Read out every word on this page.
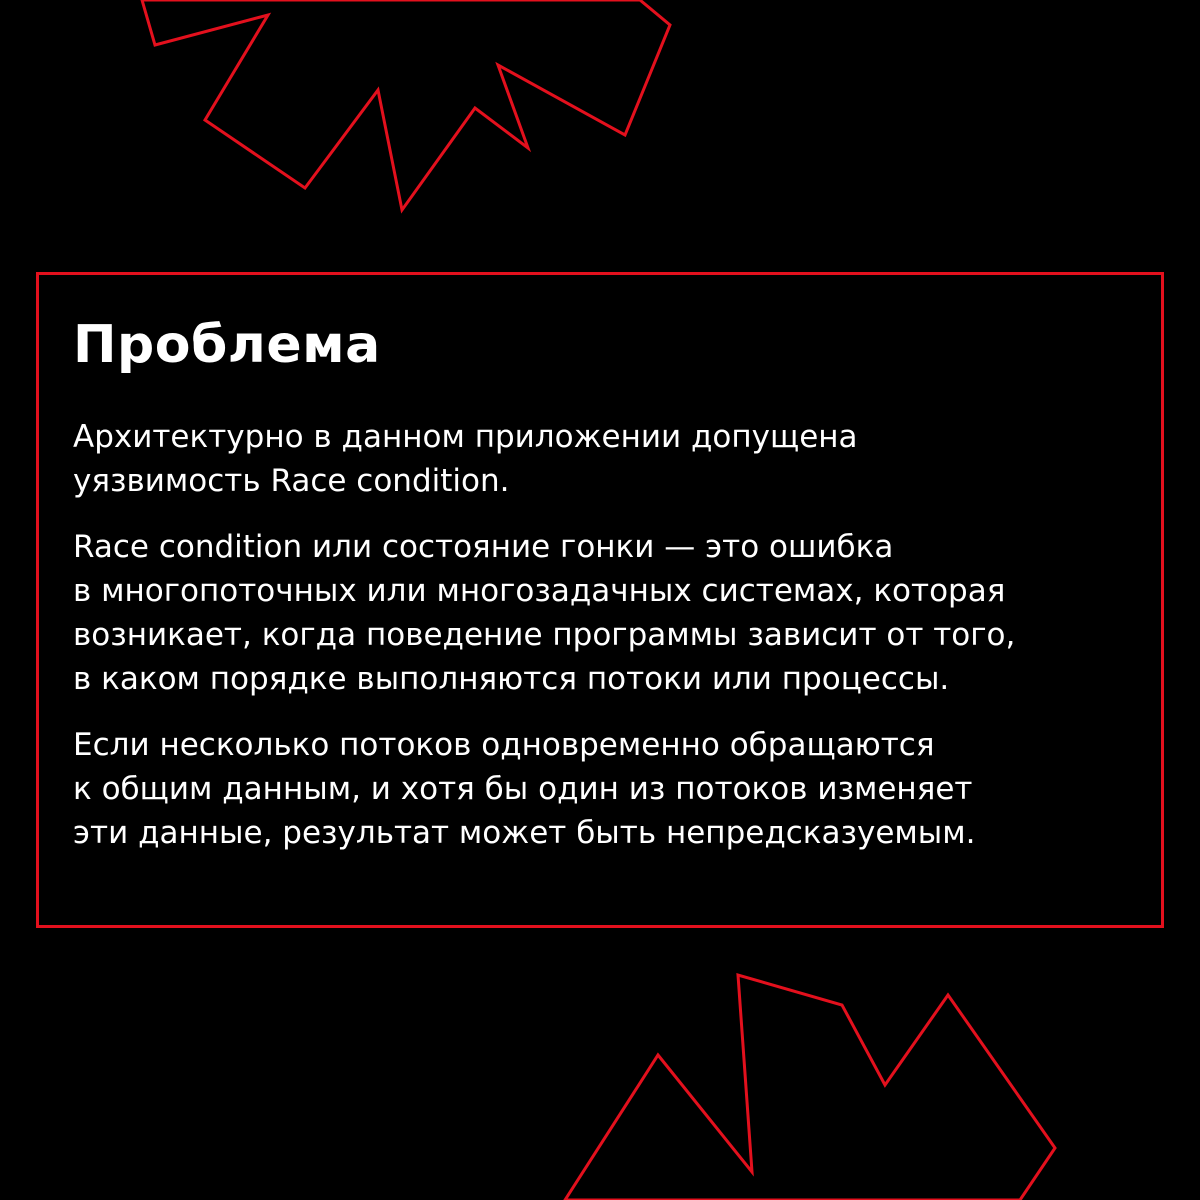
Проблема

Архитектурно в данном приложении допущена
уязвимость Race condition.

Race condition или состояние гонки — это ошибка
в многопоточных или многозадачных системах, которая
возникает, когда поведение программы зависит от того,
в каком порядке выполняются потоки или процессы.

Если несколько потоков одновременно обращаются
к общим данным, и хотя бы один из потоков изменяет
эти данные, результат может быть непредсказуемым.
